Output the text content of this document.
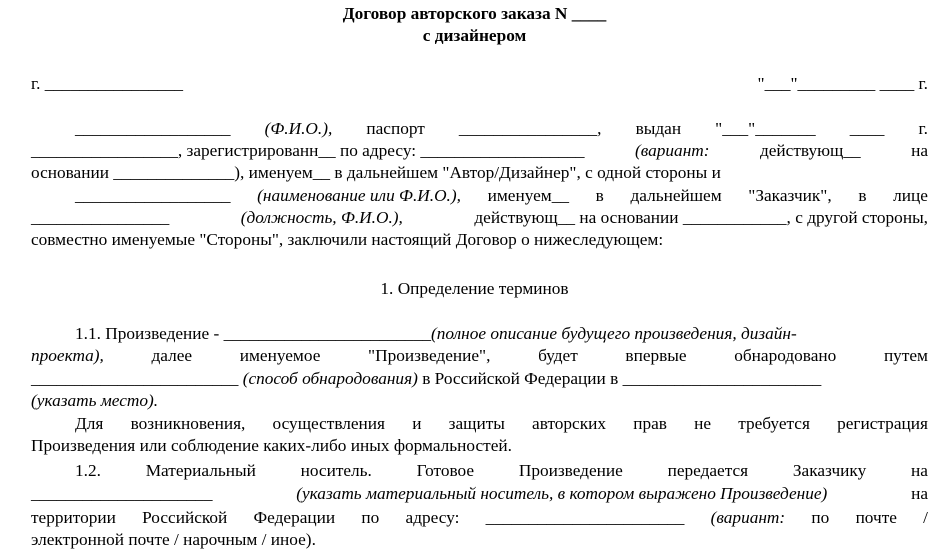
Договор авторского заказа N ____
с дизайнером
г. ________________	"___"_________ ____ г.
__________________ (Ф.И.О.), паспорт ________________, выдан "___"_______ ____ г.
_________________, зарегистрированн__ по адресу: ___________________	(вариант:	действующ__	на
основании ______________), именуем__ в дальнейшем "Автор/Дизайнер", с одной стороны и
__________________ (наименование или Ф.И.О.), именуем__ в дальнейшем "Заказчик", в лице
________________	(должность, Ф.И.О.),	действующ__ на основании ____________, с другой стороны,
совместно именуемые "Стороны", заключили настоящий Договор о нижеследующем:
1. Определение терминов
1.1. Произведение - ________________________ (полное описание будущего произведения, дизайн-
проекта),	далее	именуемое	"Произведение",	будет	впервые	обнародовано	путем
________________________ (способ обнародования) в Российской Федерации в _______________________
(указать место).
Для возникновения, осуществления и защиты авторских прав не требуется регистрация
Произведения или соблюдение каких-либо иных формальностей.
1.2.	Материальный	носитель.	Готовое	Произведение	передается	Заказчику	на
_____________________	(указать материальный носитель, в котором выражено Произведение)	на
территории Российской Федерации по адресу: _______________________ (вариант: по почте /
электронной почте / нарочным / иное).
